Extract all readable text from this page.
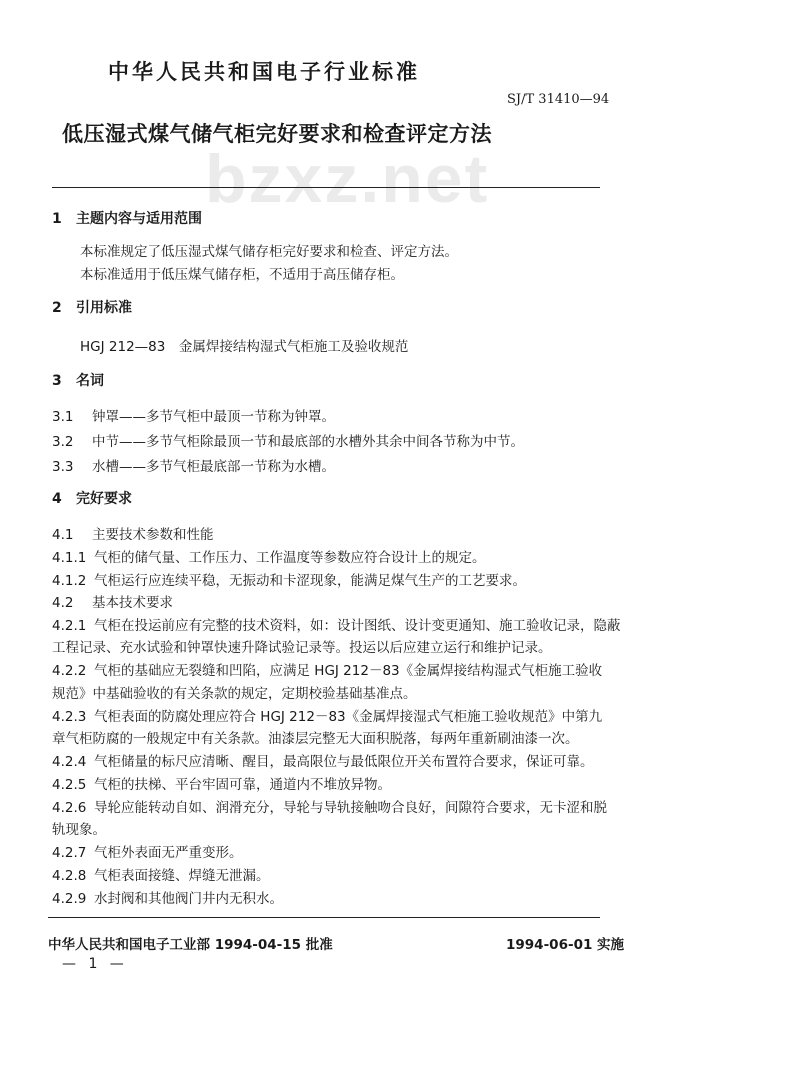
bzxz.net
中华人民共和国电子行业标准
SJ/T 31410—94
低压湿式煤气储气柜完好要求和检查评定方法
1 主题内容与适用范围
本标准规定了低压湿式煤气储存柜完好要求和检查、评定方法。
本标准适用于低压煤气储存柜，不适用于高压储存柜。
2 引用标准
HGJ 212—83　金属焊接结构湿式气柜施工及验收规范
3 名词
3.1 钟罩——多节气柜中最顶一节称为钟罩。
3.2 中节——多节气柜除最顶一节和最底部的水槽外其余中间各节称为中节。
3.3 水槽——多节气柜最底部一节称为水槽。
4 完好要求
4.1 主要技术参数和性能
4.1.1 气柜的储气量、工作压力、工作温度等参数应符合设计上的规定。
4.1.2 气柜运行应连续平稳，无振动和卡涩现象，能满足煤气生产的工艺要求。
4.2 基本技术要求
4.2.1 气柜在投运前应有完整的技术资料，如：设计图纸、设计变更通知、施工验收记录，隐蔽
工程记录、充水试验和钟罩快速升降试验记录等。投运以后应建立运行和维护记录。
4.2.2 气柜的基础应无裂缝和凹陷，应满足 HGJ 212－83《金属焊接结构湿式气柜施工验收
规范》中基础验收的有关条款的规定，定期校验基础基准点。
4.2.3 气柜表面的防腐处理应符合 HGJ 212－83《金属焊接湿式气柜施工验收规范》中第九
章气柜防腐的一般规定中有关条款。油漆层完整无大面积脱落，每两年重新刷油漆一次。
4.2.4 气柜储量的标尺应清晰、醒目，最高限位与最低限位开关布置符合要求，保证可靠。
4.2.5 气柜的扶梯、平台牢固可靠，通道内不堆放异物。
4.2.6 导轮应能转动自如、润滑充分，导轮与导轨接触吻合良好，间隙符合要求，无卡涩和脱
轨现象。
4.2.7 气柜外表面无严重变形。
4.2.8 气柜表面接缝、焊缝无泄漏。
4.2.9 水封阀和其他阀门井内无积水。
中华人民共和国电子工业部 1994-04-15 批准	1994-06-01 实施
— 1 —
